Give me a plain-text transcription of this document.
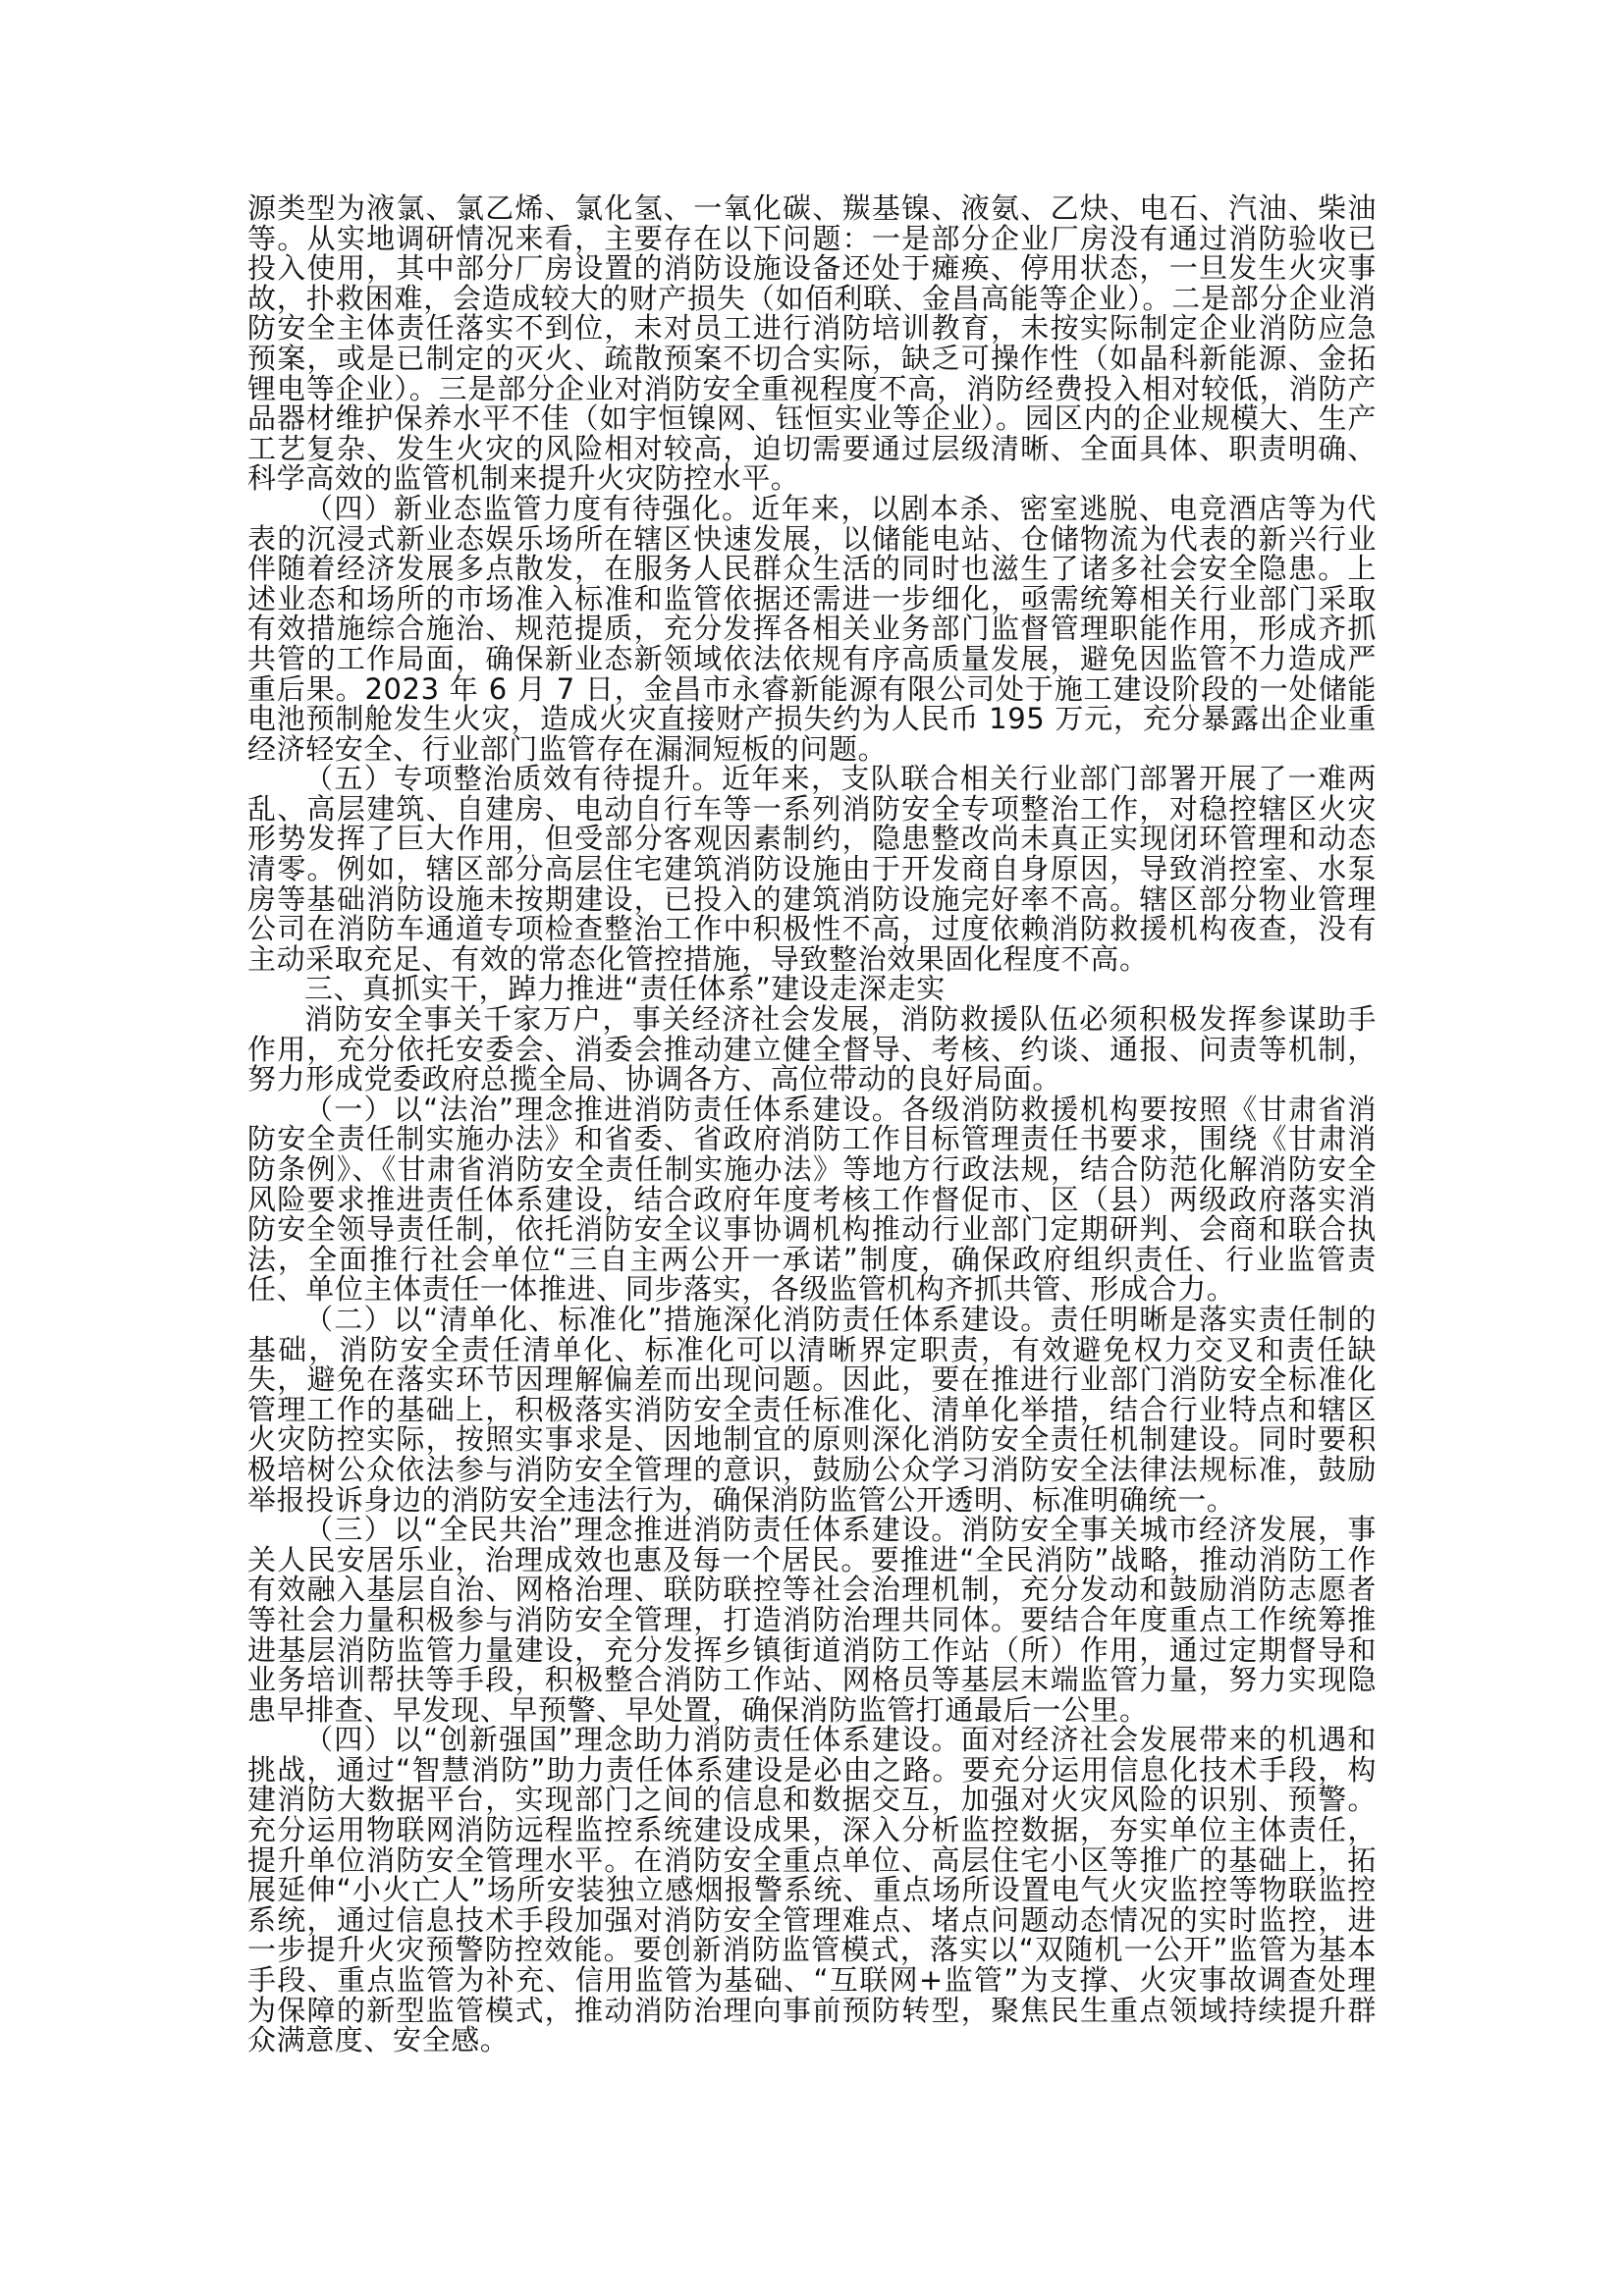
源类型为液氯、氯乙烯、氯化氢、一氧化碳、羰基镍、液氨、乙炔、电石、汽油、柴油等。从实地调研情况来看，主要存在以下问题：一是部分企业厂房没有通过消防验收已投入使用，其中部分厂房设置的消防设施设备还处于瘫痪、停用状态，一旦发生火灾事故，扑救困难，会造成较大的财产损失（如佰利联、金昌高能等企业）。二是部分企业消防安全主体责任落实不到位，未对员工进行消防培训教育，未按实际制定企业消防应急预案，或是已制定的灭火、疏散预案不切合实际，缺乏可操作性（如晶科新能源、金拓锂电等企业）。三是部分企业对消防安全重视程度不高，消防经费投入相对较低，消防产品器材维护保养水平不佳（如宇恒镍网、钰恒实业等企业）。园区内的企业规模大、生产工艺复杂、发生火灾的风险相对较高，迫切需要通过层级清晰、全面具体、职责明确、科学高效的监管机制来提升火灾防控水平。

（四）新业态监管力度有待强化。近年来，以剧本杀、密室逃脱、电竞酒店等为代表的沉浸式新业态娱乐场所在辖区快速发展，以储能电站、仓储物流为代表的新兴行业伴随着经济发展多点散发，在服务人民群众生活的同时也滋生了诸多社会安全隐患。上述业态和场所的市场准入标准和监管依据还需进一步细化，亟需统筹相关行业部门采取有效措施综合施治、规范提质，充分发挥各相关业务部门监督管理职能作用，形成齐抓共管的工作局面，确保新业态新领域依法依规有序高质量发展，避免因监管不力造成严重后果。2023 年 6 月 7 日，金昌市永睿新能源有限公司处于施工建设阶段的一处储能电池预制舱发生火灾，造成火灾直接财产损失约为人民币 195 万元，充分暴露出企业重经济轻安全、行业部门监管存在漏洞短板的问题。

（五）专项整治质效有待提升。近年来，支队联合相关行业部门部署开展了一难两乱、高层建筑、自建房、电动自行车等一系列消防安全专项整治工作，对稳控辖区火灾形势发挥了巨大作用，但受部分客观因素制约，隐患整改尚未真正实现闭环管理和动态清零。例如，辖区部分高层住宅建筑消防设施由于开发商自身原因，导致消控室、水泵房等基础消防设施未按期建设，已投入的建筑消防设施完好率不高。辖区部分物业管理公司在消防车通道专项检查整治工作中积极性不高，过度依赖消防救援机构夜查，没有主动采取充足、有效的常态化管控措施，导致整治效果固化程度不高。

三、真抓实干，踔力推进“责任体系”建设走深走实

消防安全事关千家万户，事关经济社会发展，消防救援队伍必须积极发挥参谋助手作用，充分依托安委会、消委会推动建立健全督导、考核、约谈、通报、问责等机制，努力形成党委政府总揽全局、协调各方、高位带动的良好局面。

（一）以“法治”理念推进消防责任体系建设。各级消防救援机构要按照《甘肃省消防安全责任制实施办法》和省委、省政府消防工作目标管理责任书要求，围绕《甘肃消防条例》、《甘肃省消防安全责任制实施办法》等地方行政法规，结合防范化解消防安全风险要求推进责任体系建设，结合政府年度考核工作督促市、区（县）两级政府落实消防安全领导责任制，依托消防安全议事协调机构推动行业部门定期研判、会商和联合执法，全面推行社会单位“三自主两公开一承诺”制度，确保政府组织责任、行业监管责任、单位主体责任一体推进、同步落实，各级监管机构齐抓共管、形成合力。

（二）以“清单化、标准化”措施深化消防责任体系建设。责任明晰是落实责任制的基础，消防安全责任清单化、标准化可以清晰界定职责，有效避免权力交叉和责任缺失，避免在落实环节因理解偏差而出现问题。因此，要在推进行业部门消防安全标准化管理工作的基础上，积极落实消防安全责任标准化、清单化举措，结合行业特点和辖区火灾防控实际，按照实事求是、因地制宜的原则深化消防安全责任机制建设。同时要积极培树公众依法参与消防安全管理的意识，鼓励公众学习消防安全法律法规标准，鼓励举报投诉身边的消防安全违法行为，确保消防监管公开透明、标准明确统一。

（三）以“全民共治”理念推进消防责任体系建设。消防安全事关城市经济发展，事关人民安居乐业，治理成效也惠及每一个居民。要推进“全民消防”战略，推动消防工作有效融入基层自治、网格治理、联防联控等社会治理机制，充分发动和鼓励消防志愿者等社会力量积极参与消防安全管理，打造消防治理共同体。要结合年度重点工作统筹推进基层消防监管力量建设，充分发挥乡镇街道消防工作站（所）作用，通过定期督导和业务培训帮扶等手段，积极整合消防工作站、网格员等基层末端监管力量，努力实现隐患早排查、早发现、早预警、早处置，确保消防监管打通最后一公里。

（四）以“创新强国”理念助力消防责任体系建设。面对经济社会发展带来的机遇和挑战，通过“智慧消防”助力责任体系建设是必由之路。要充分运用信息化技术手段，构建消防大数据平台，实现部门之间的信息和数据交互，加强对火灾风险的识别、预警。充分运用物联网消防远程监控系统建设成果，深入分析监控数据，夯实单位主体责任，提升单位消防安全管理水平。在消防安全重点单位、高层住宅小区等推广的基础上，拓展延伸“小火亡人”场所安装独立感烟报警系统、重点场所设置电气火灾监控等物联监控系统，通过信息技术手段加强对消防安全管理难点、堵点问题动态情况的实时监控，进一步提升火灾预警防控效能。要创新消防监管模式，落实以“双随机一公开”监管为基本手段、重点监管为补充、信用监管为基础、“互联网+监管”为支撑、火灾事故调查处理为保障的新型监管模式，推动消防治理向事前预防转型，聚焦民生重点领域持续提升群众满意度、安全感。
